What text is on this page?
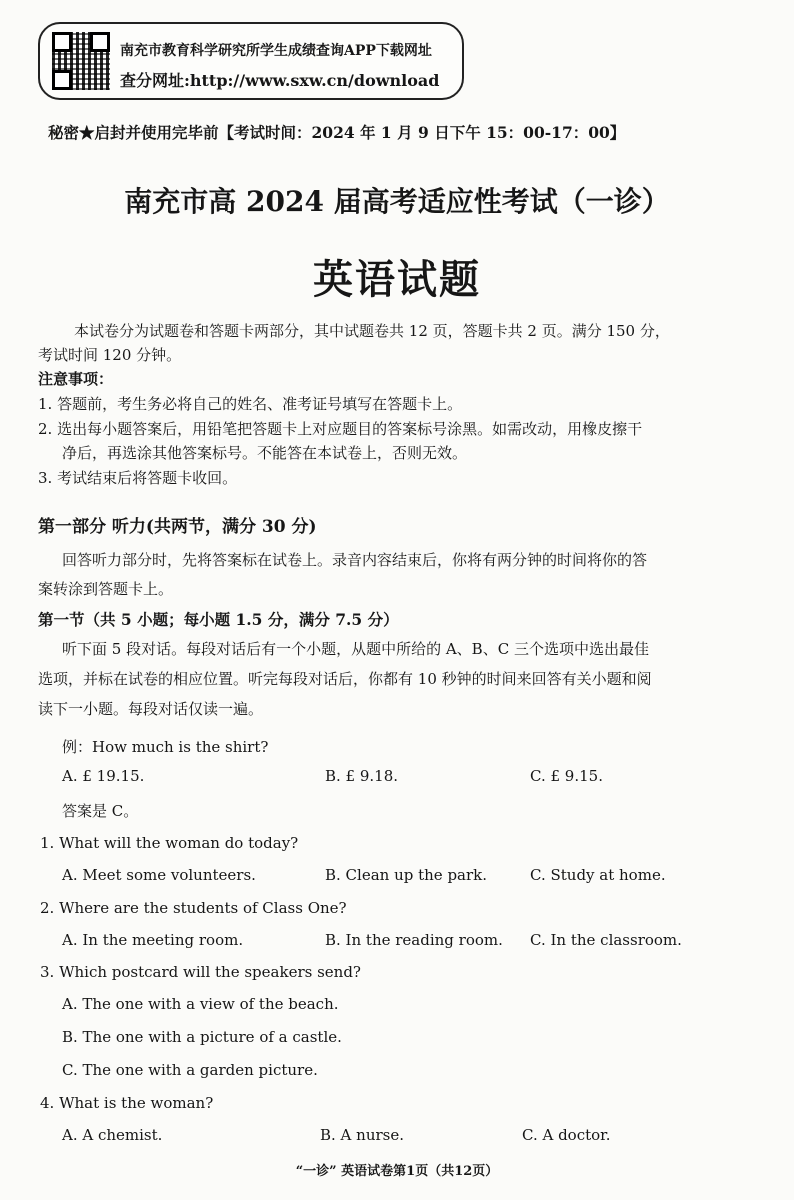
南充市教育科学研究所学生成绩查询APP下载网址
查分网址:http://www.sxw.cn/download
秘密★启封并使用完毕前【考试时间：2024 年 1 月 9 日下午 15：00-17：00】
南充市高 2024 届高考适应性考试（一诊）
英语试题
本试卷分为试题卷和答题卡两部分，其中试题卷共 12 页，答题卡共 2 页。满分 150 分，
考试时间 120 分钟。
注意事项：
1. 答题前，考生务必将自己的姓名、准考证号填写在答题卡上。
2. 选出每小题答案后，用铅笔把答题卡上对应题目的答案标号涂黑。如需改动，用橡皮擦干
净后，再选涂其他答案标号。不能答在本试卷上，否则无效。
3. 考试结束后将答题卡收回。
第一部分 听力(共两节，满分 30 分)
回答听力部分时，先将答案标在试卷上。录音内容结束后，你将有两分钟的时间将你的答
案转涂到答题卡上。
第一节（共 5 小题；每小题 1.5 分，满分 7.5 分）
听下面 5 段对话。每段对话后有一个小题，从题中所给的 A、B、C 三个选项中选出最佳
选项，并标在试卷的相应位置。听完每段对话后，你都有 10 秒钟的时间来回答有关小题和阅
读下一小题。每段对话仅读一遍。
例：How much is the shirt?
A. £ 19.15.	B. £ 9.18.	C. £ 9.15.
答案是 C。
1. What will the woman do today?
A. Meet some volunteers.	B. Clean up the park.	C. Study at home.
2. Where are the students of Class One?
A. In the meeting room.	B. In the reading room. C. In the classroom.
3. Which postcard will the speakers send?
A. The one with a view of the beach.
B. The one with a picture of a castle.
C. The one with a garden picture.
4. What is the woman?
A. A chemist.	B. A nurse.	C. A doctor.
“一诊” 英语试卷第1页（共12页）
